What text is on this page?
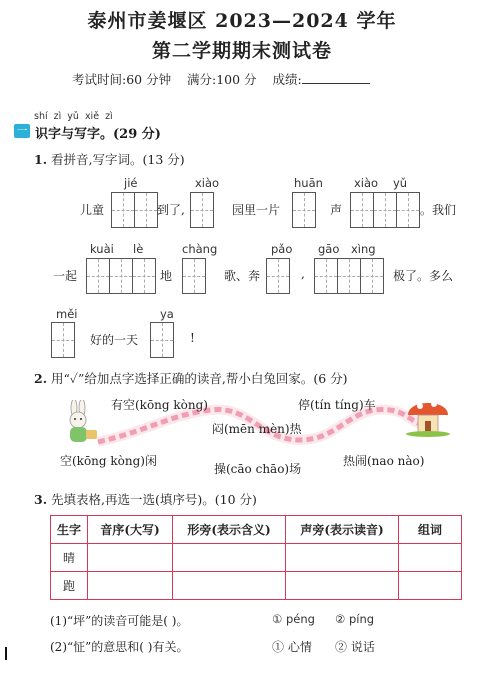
泰州市姜堰区 2023—2024 学年
第二学期期末测试卷
考试时间:60 分钟 满分:100 分 成绩:
shí zì yǔ xiě zì
一 识字与写字。(29 分)
1. 看拼音,写字词。(13 分)
jié	xiào	huān	xiào yǔ
儿童	到了,	园里一片	声	。我们
kuài lè	chàng	pǎo gāo xìng
一起	地	歌、奔	,	极了。多么
měi	ya
好的一天	!
2. 用“✓”给加点字选择正确的读音,帮小白兔回家。(6 分)
有空(kōng kòng)	停(tín tíng)车
闷(mēn mèn)热
空(kōng kòng)闲
操(cāo chāo)场
热闹(nao nào)
3. 先填表格,再选一选(填序号)。(10 分)
生字	音序(大写)	形旁(表示含义)	声旁(表示读音)	组词
晴				
跑				
(1)“坪”的读音可能是( )。	① péng ② píng
(2)“怔”的意思和( )有关。	① 心情 ② 说话
